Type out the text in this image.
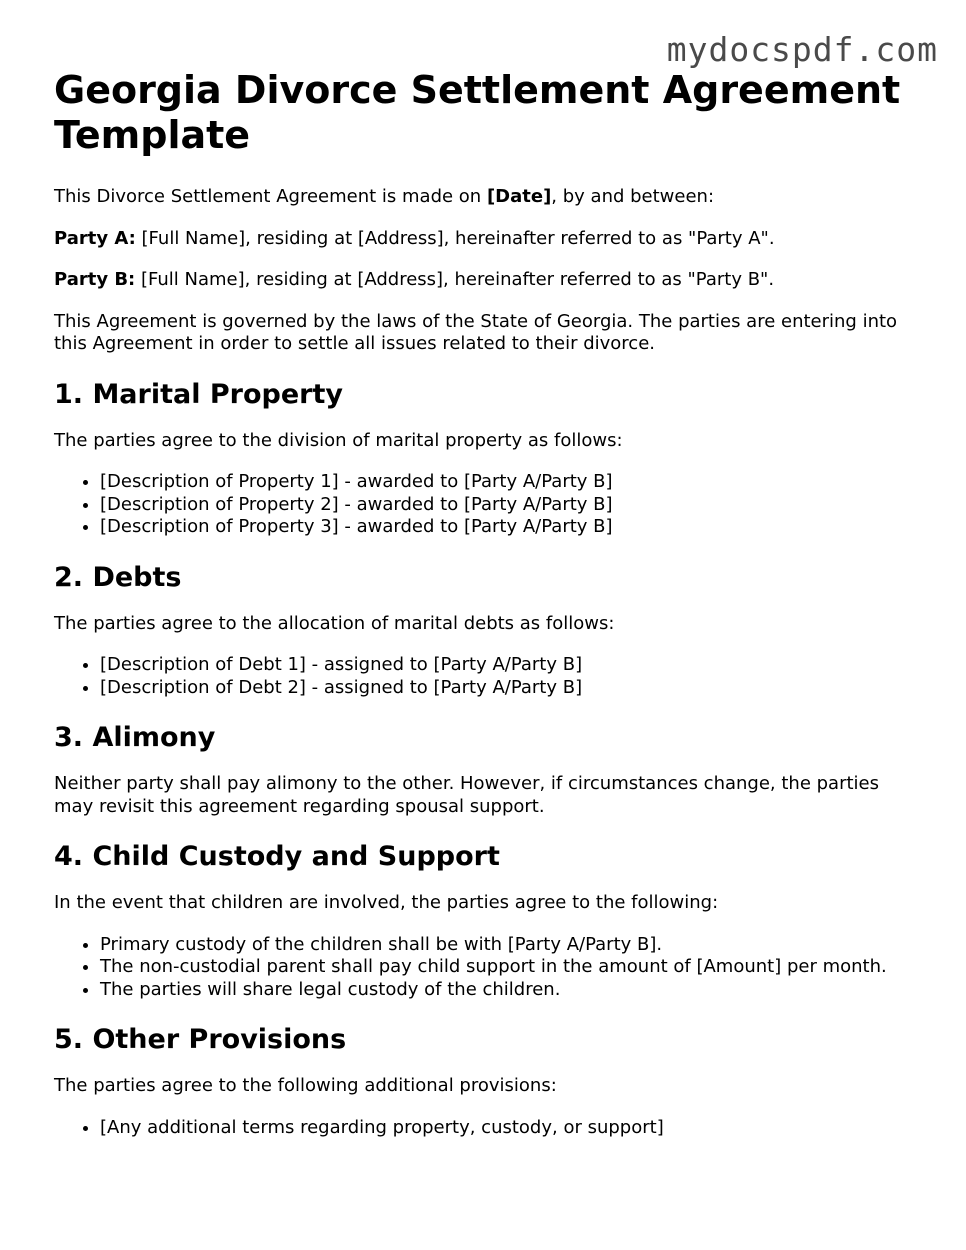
mydocspdf.com
Georgia Divorce Settlement Agreement Template

This Divorce Settlement Agreement is made on [Date], by and between:

Party A: [Full Name], residing at [Address], hereinafter referred to as "Party A".

Party B: [Full Name], residing at [Address], hereinafter referred to as "Party B".

This Agreement is governed by the laws of the State of Georgia. The parties are entering into this Agreement in order to settle all issues related to their divorce.

1. Marital Property

The parties agree to the division of marital property as follows:

• [Description of Property 1] - awarded to [Party A/Party B]
• [Description of Property 2] - awarded to [Party A/Party B]
• [Description of Property 3] - awarded to [Party A/Party B]
2. Debts

The parties agree to the allocation of marital debts as follows:

• [Description of Debt 1] - assigned to [Party A/Party B]
• [Description of Debt 2] - assigned to [Party A/Party B]
3. Alimony

Neither party shall pay alimony to the other. However, if circumstances change, the parties may revisit this agreement regarding spousal support.

4. Child Custody and Support

In the event that children are involved, the parties agree to the following:

• Primary custody of the children shall be with [Party A/Party B].
• The non-custodial parent shall pay child support in the amount of [Amount] per month.
• The parties will share legal custody of the children.
5. Other Provisions

The parties agree to the following additional provisions:

• [Any additional terms regarding property, custody, or support]
